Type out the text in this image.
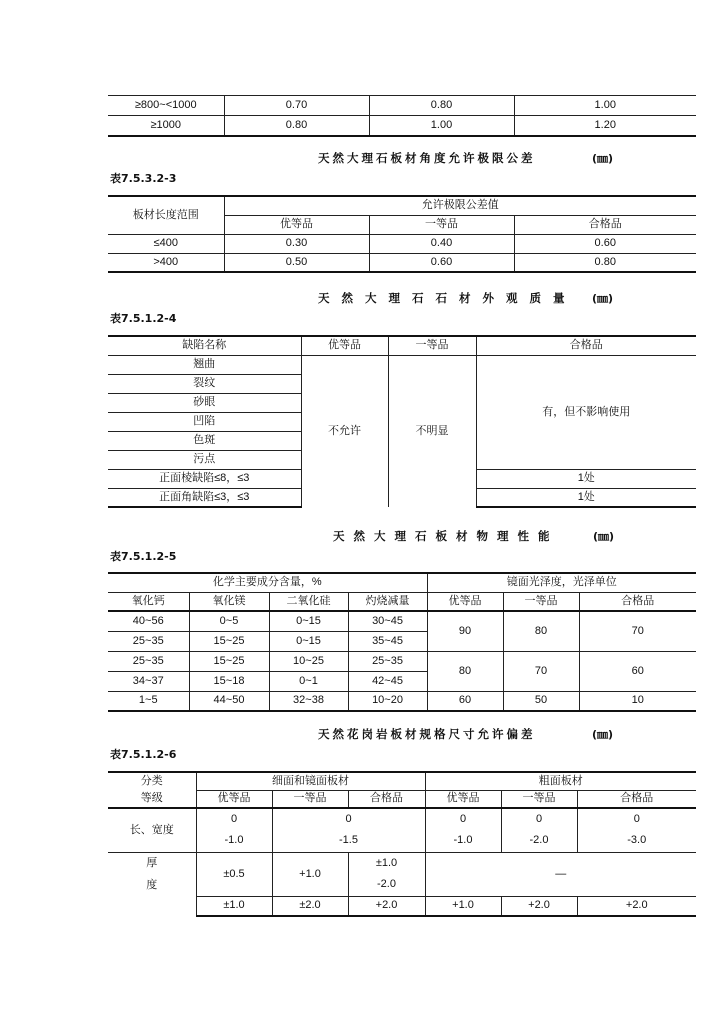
≥800~<1000	0.70	0.80	1.00
≥1000	0.80	1.00	1.20
天然大理石板材角度允许极限公差	(㎜)
表7.5.3.2-3
板材长度范围	允许极限公差值		
	优等品	一等品	合格品
≤400	0.30	0.40	0.60
>400	0.50	0.60	0.80
天然大理石石材外观质量 (㎜)
表7.5.1.2-4
缺陷名称	优等品	一等品	合格品
翘曲	不允许	不明显	有，但不影响使用
裂纹			
砂眼			
凹陷			
色斑			
污点			
正面棱缺陷≤8，≤3			1处
正面角缺陷≤3，≤3			1处
天然大理石板材物理性能	(㎜)
表7.5.1.2-5
化学主要成分含量，%				镜面光泽度，光泽单位		
氧化钙	氧化镁	二氧化硅	灼烧减量	优等品	一等品	合格品
40~56	0~5	0~15	30~45	90	80	70
25~35	15~25	0~15	35~45			
25~35	15~25	10~25	25~35	80	70	60
34~37	15~18	0~1	42~45			
1~5	44~50	32~38	10~20	60	50	10
天然花岗岩板材规格尺寸允许偏差	(㎜)
表7.5.1.2-6
分类	细面和镜面板材			粗面板材		
等级	优等品	一等品	合格品	优等品	一等品	合格品
长、宽度	0	0		0	0	0
	-1.0	-1.5		-1.0	-2.0	-3.0
厚	±0.5	+1.0	±1.0	—		
度			-2.0			
	±1.0	±2.0	+2.0	+1.0	+2.0	+2.0
